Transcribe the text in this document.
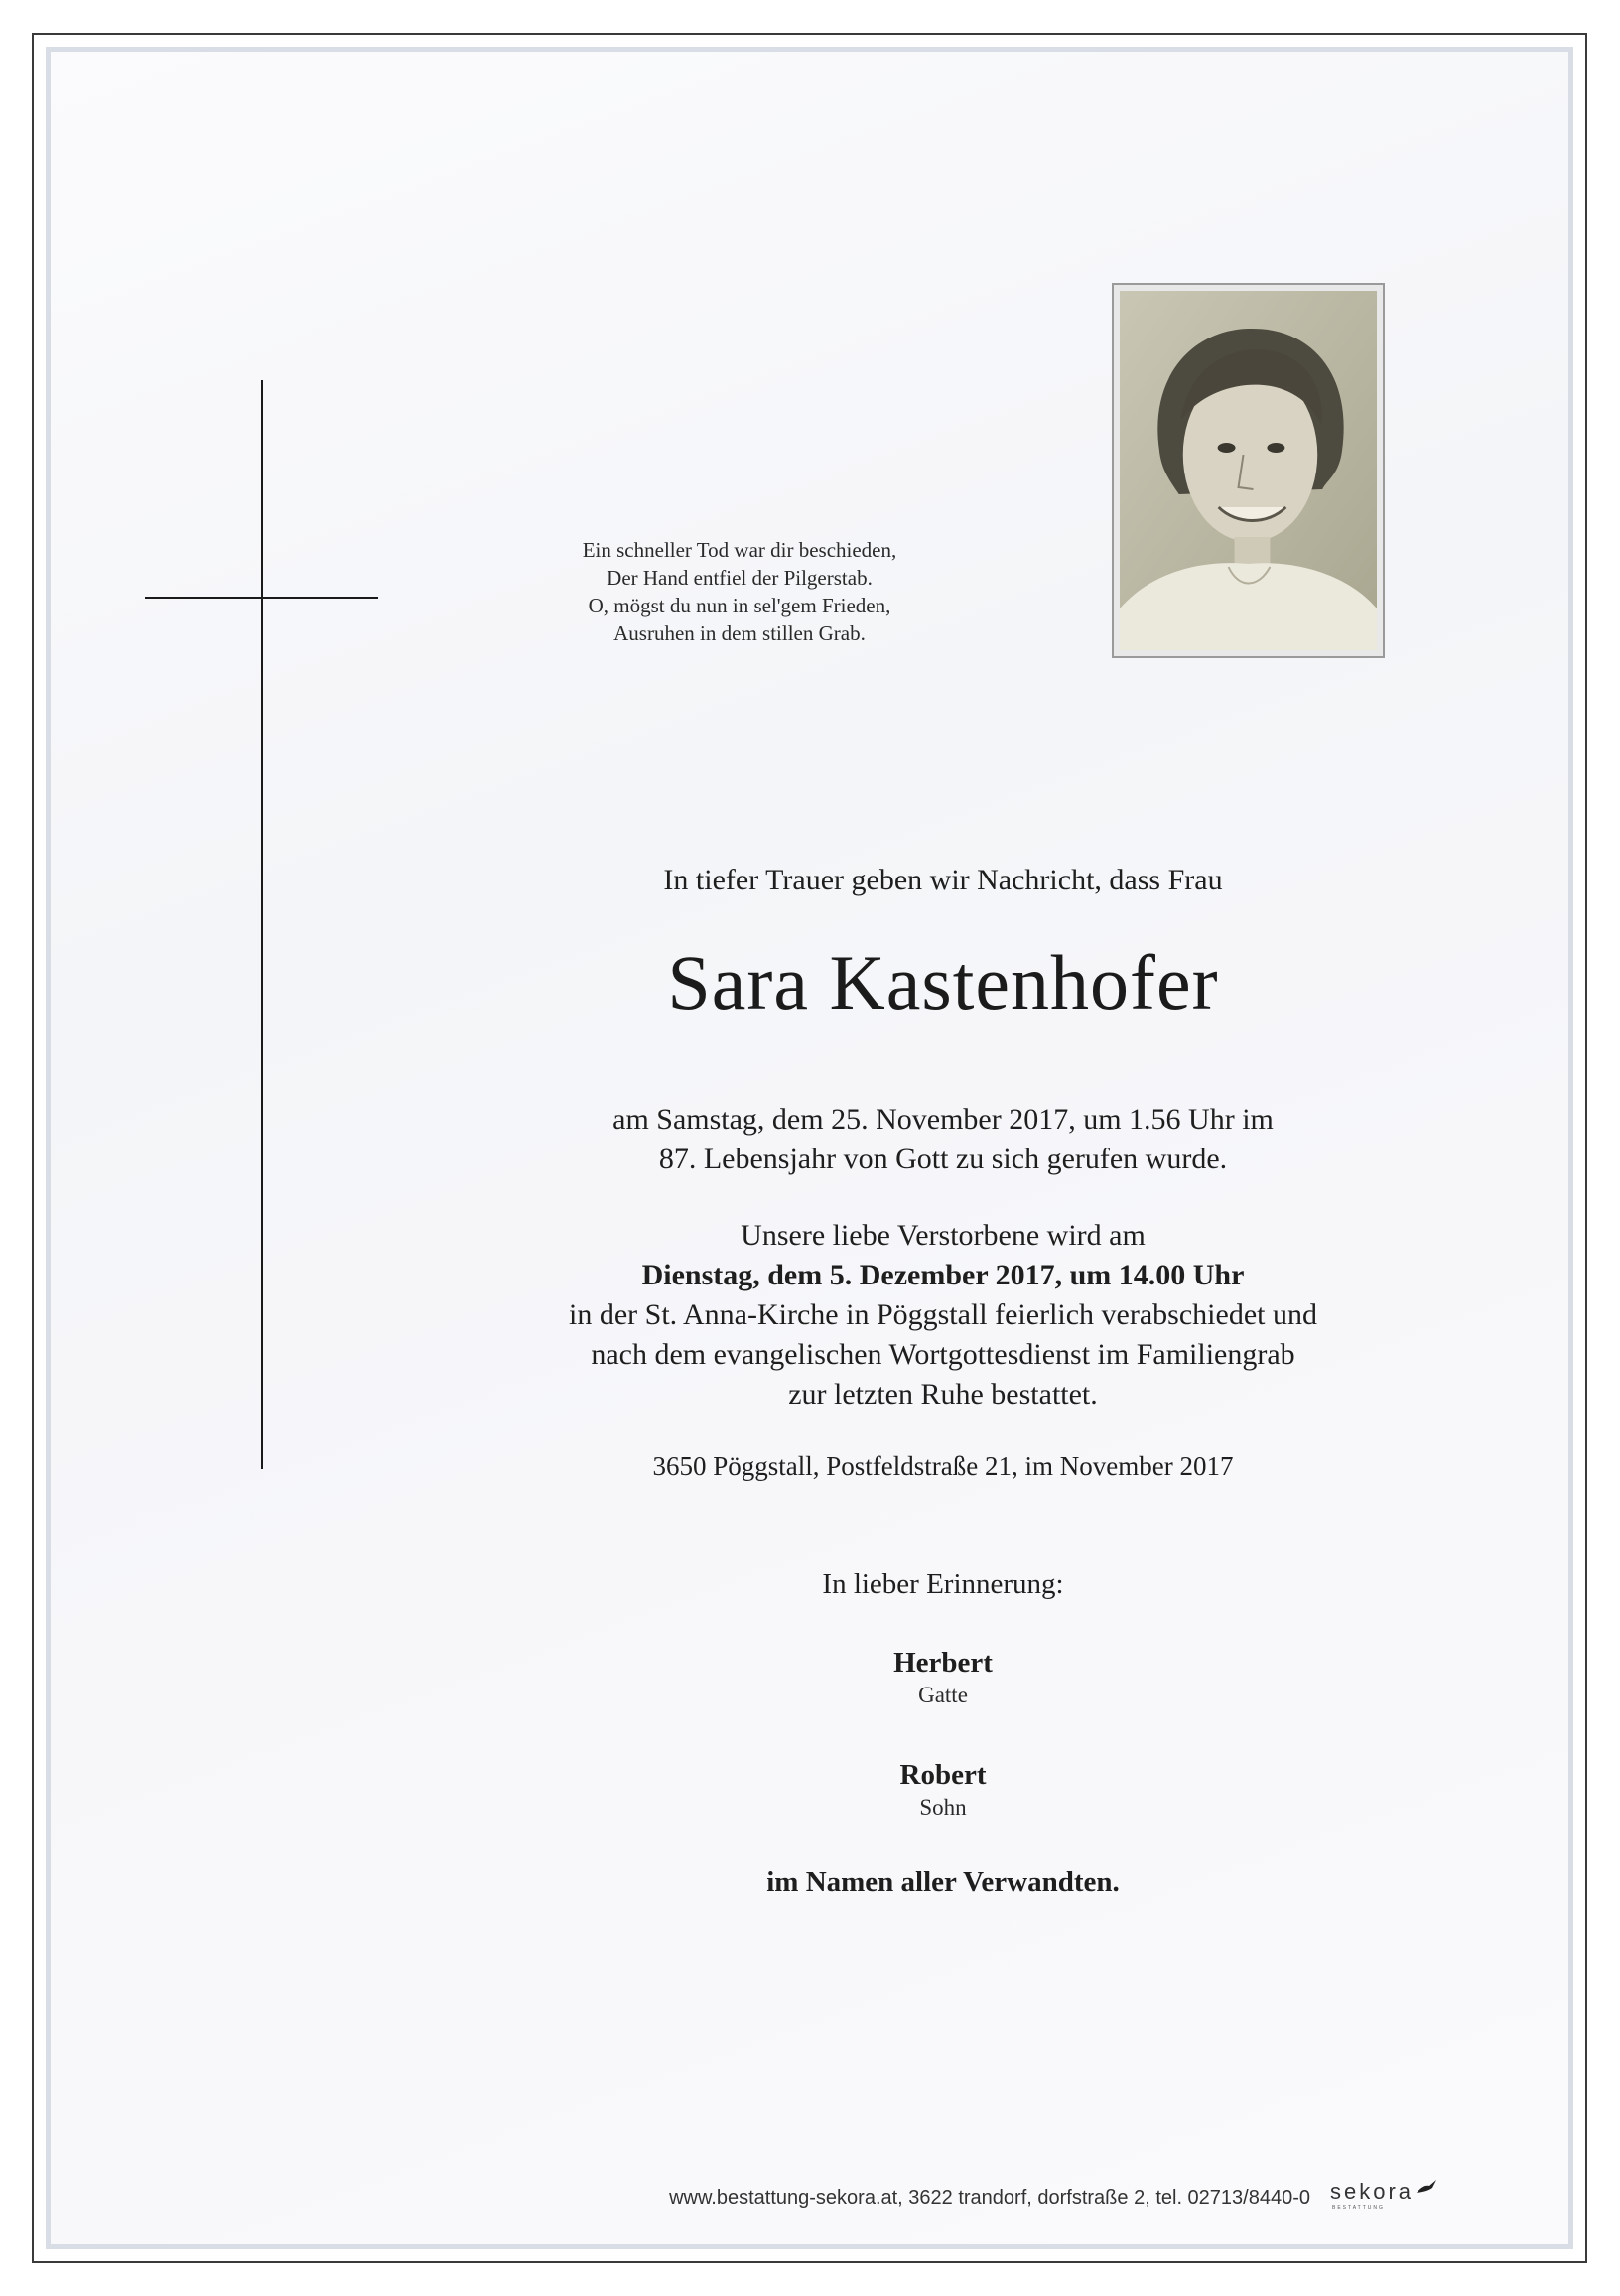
Ein schneller Tod war dir beschieden,
Der Hand entfiel der Pilgerstab.
O, mögst du nun in sel'gem Frieden,
Ausruhen in dem stillen Grab.
In tiefer Trauer geben wir Nachricht, dass Frau
Sara Kastenhofer
am Samstag, dem 25. November 2017, um 1.56 Uhr im
87. Lebensjahr von Gott zu sich gerufen wurde.
Unsere liebe Verstorbene wird am
Dienstag, dem 5. Dezember 2017, um 14.00 Uhr
in der St. Anna-Kirche in Pöggstall feierlich verabschiedet und
nach dem evangelischen Wortgottesdienst im Familiengrab
zur letzten Ruhe bestattet.
3650 Pöggstall, Postfeldstraße 21, im November 2017
In lieber Erinnerung:
Herbert
Gatte
Robert
Sohn
im Namen aller Verwandten.
www.bestattung-sekora.at, 3622 trandorf, dorfstraße 2, tel. 02713/8440-0 sekora
BESTATTUNG
